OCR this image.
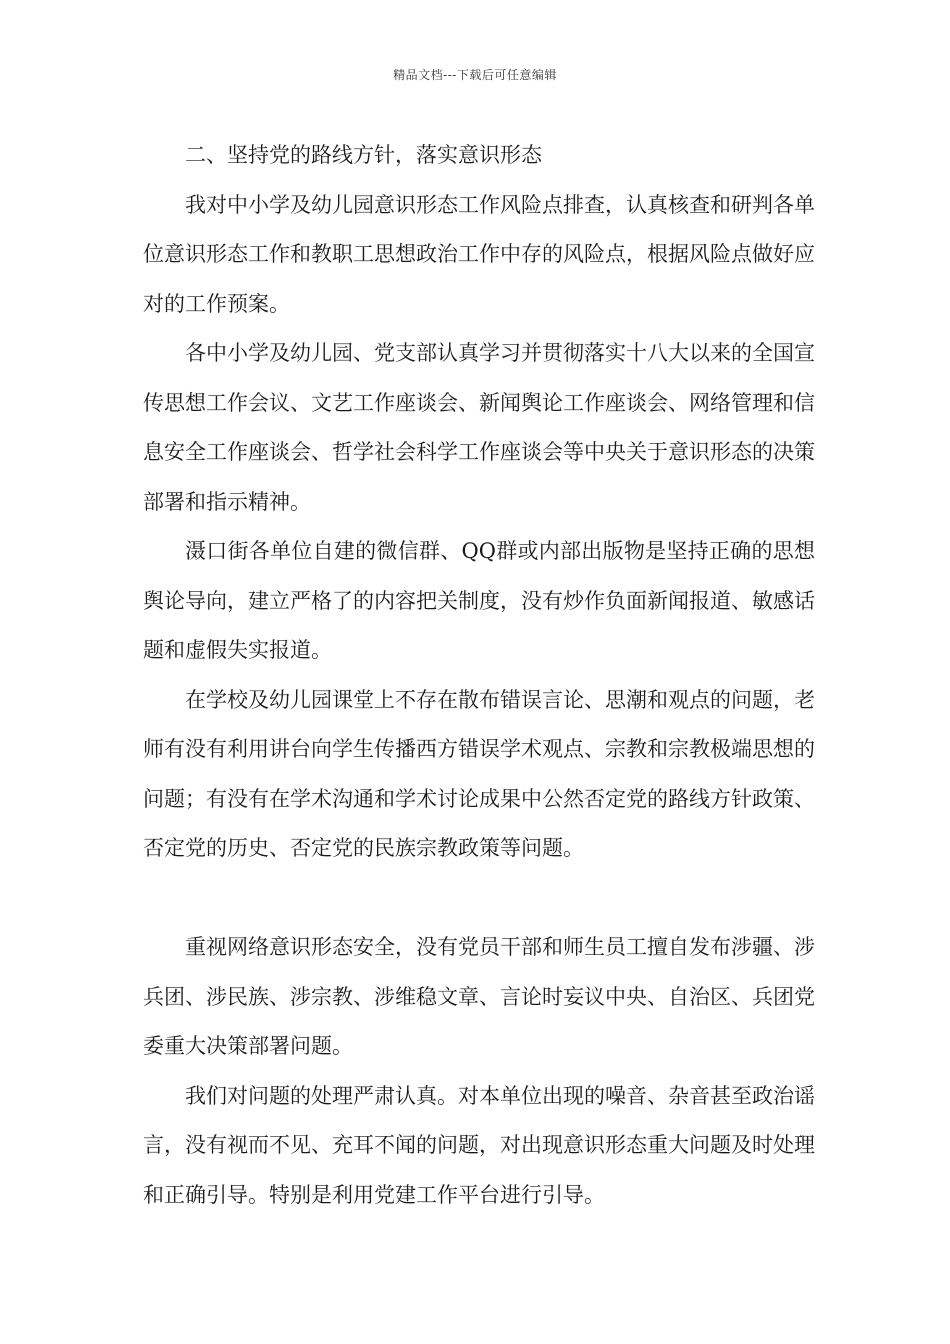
精品文档---下载后可任意编辑

二、坚持党的路线方针，落实意识形态

我对中小学及幼儿园意识形态工作风险点排查，认真核查和研判各单位意识形态工作和教职工思想政治工作中存的风险点，根据风险点做好应对的工作预案。

各中小学及幼儿园、党支部认真学习并贯彻落实十八大以来的全国宣传思想工作会议、文艺工作座谈会、新闻舆论工作座谈会、网络管理和信息安全工作座谈会、哲学社会科学工作座谈会等中央关于意识形态的决策部署和指示精神。

滠口街各单位自建的微信群、QQ群或内部出版物是坚持正确的思想舆论导向，建立严格了的内容把关制度，没有炒作负面新闻报道、敏感话题和虚假失实报道。

在学校及幼儿园课堂上不存在散布错误言论、思潮和观点的问题，老师有没有利用讲台向学生传播西方错误学术观点、宗教和宗教极端思想的问题；有没有在学术沟通和学术讨论成果中公然否定党的路线方针政策、否定党的历史、否定党的民族宗教政策等问题。

重视网络意识形态安全，没有党员干部和师生员工擅自发布涉疆、涉兵团、涉民族、涉宗教、涉维稳文章、言论时妄议中央、自治区、兵团党委重大决策部署问题。

我们对问题的处理严肃认真。对本单位出现的噪音、杂音甚至政治谣言，没有视而不见、充耳不闻的问题，对出现意识形态重大问题及时处理和正确引导。特别是利用党建工作平台进行引导。
